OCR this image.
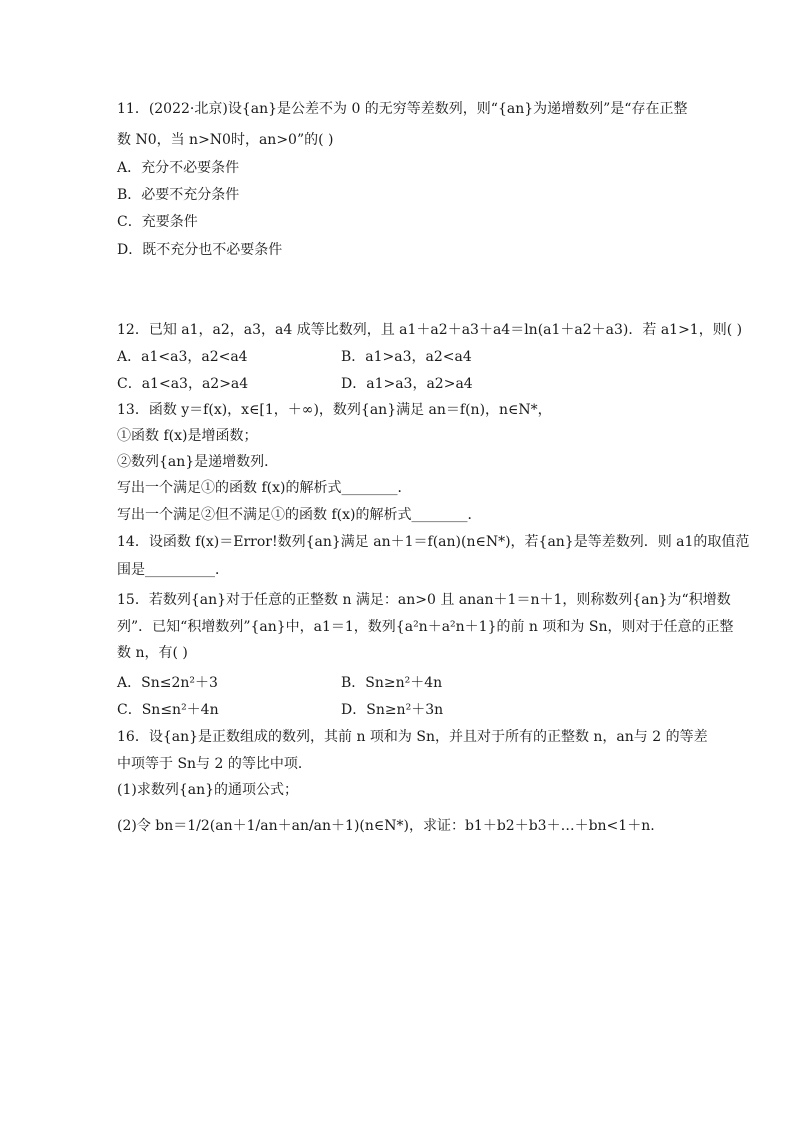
11．(2022·北京)设{an}是公差不为 0 的无穷等差数列，则“{an}为递增数列”是“存在正整
数 N0，当 n>N0时，an>0”的( )
A．充分不必要条件
B．必要不充分条件
C．充要条件
D．既不充分也不必要条件
12．已知 a1，a2，a3，a4 成等比数列，且 a1＋a2＋a3＋a4＝ln(a1＋a2＋a3)．若 a1>1，则( )
A．a1<a3，a2<a4	B．a1>a3，a2<a4
C．a1<a3，a2>a4	D．a1>a3，a2>a4
13．函数 y＝f(x)，x∈[1，＋∞)，数列{an}满足 an＝f(n)，n∈N*，
①函数 f(x)是增函数；
②数列{an}是递增数列．
写出一个满足①的函数 f(x)的解析式________．
写出一个满足②但不满足①的函数 f(x)的解析式________．
14．设函数 f(x)＝Error!数列{an}满足 an＋1＝f(an)(n∈N*)，若{an}是等差数列．则 a1的取值范
围是__________．
15．若数列{an}对于任意的正整数 n 满足：an>0 且 anan＋1＝n＋1，则称数列{an}为“积增数
列”．已知“积增数列”{an}中，a1＝1，数列{a²n＋a²n＋1}的前 n 项和为 Sn，则对于任意的正整
数 n，有( )
A．Sn≤2n²＋3	B．Sn≥n²＋4n
C．Sn≤n²＋4n	D．Sn≥n²＋3n
16．设{an}是正数组成的数列，其前 n 项和为 Sn，并且对于所有的正整数 n，an与 2 的等差
中项等于 Sn与 2 的等比中项．
(1)求数列{an}的通项公式；
(2)令 bn＝1/2(an＋1/an＋an/an＋1)(n∈N*)，求证：b1＋b2＋b3＋…＋bn<1＋n.
